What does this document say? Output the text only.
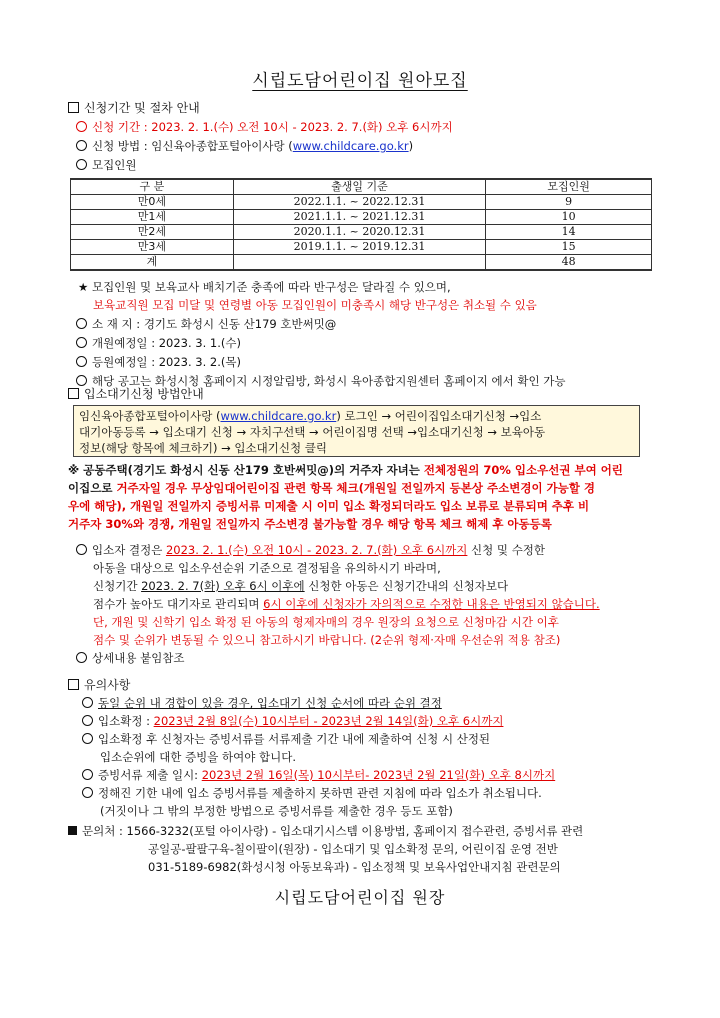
시립도담어린이집 원아모집
신청기간 및 절차 안내
신청 기간 : 2023. 2. 1.(수) 오전 10시 - 2023. 2. 7.(화) 오후 6시까지
신청 방법 : 임신육아종합포털아이사랑 (www.childcare.go.kr)
모집인원
구 분	출생일 기준	모집인원
만0세	2022.1.1. ~ 2022.12.31	9
만1세	2021.1.1. ~ 2021.12.31	10
만2세	2020.1.1. ~ 2020.12.31	14
만3세	2019.1.1. ~ 2019.12.31	15
계		48
★ 모집인원 및 보육교사 배치기준 충족에 따라 반구성은 달라질 수 있으며,
보육교직원 모집 미달 및 연령별 아동 모집인원이 미충족시 해당 반구성은 취소될 수 있음
소 재 지 : 경기도 화성시 신동 산179 호반써밋@
개원예정일 : 2023. 3. 1.(수)
등원예정일 : 2023. 3. 2.(목)
해당 공고는 화성시청 홈페이지 시정알림방, 화성시 육아종합지원센터 홈페이지 에서 확인 가능
입소대기신청 방법안내
임신육아종합포털아이사랑 (www.childcare.go.kr) 로그인 → 어린이집입소대기신청 →입소
대기아동등록 → 입소대기 신청 → 자치구선택 → 어린이집명 선택 →입소대기신청 → 보육아동
정보(해당 항목에 체크하기) → 입소대기신청 클릭
※ 공동주택(경기도 화성시 신동 산179 호반써밋@)의 거주자 자녀는 전체정원의 70% 입소우선권 부여 어린
이집으로 거주자일 경우 무상임대어린이집 관련 항목 체크(개원일 전일까지 등본상 주소변경이 가능할 경
우에 해당), 개원일 전일까지 증빙서류 미제출 시 이미 입소 확정되더라도 입소 보류로 분류되며 추후 비
거주자 30%와 경쟁, 개원일 전일까지 주소변경 불가능할 경우 해당 항목 체크 해제 후 아동등록
입소자 결정은 2023. 2. 1.(수) 오전 10시 - 2023. 2. 7.(화) 오후 6시까지 신청 및 수정한
아동을 대상으로 입소우선순위 기준으로 결정됨을 유의하시기 바라며,
신청기간 2023. 2. 7(화) 오후 6시 이후에 신청한 아동은 신청기간내의 신청자보다
점수가 높아도 대기자로 관리되며 6시 이후에 신청자가 자의적으로 수정한 내용은 반영되지 않습니다.
단, 개원 및 신학기 입소 확정 된 아동의 형제자매의 경우 원장의 요청으로 신청마감 시간 이후
점수 및 순위가 변동될 수 있으니 참고하시기 바랍니다. (2순위 형제·자매 우선순위 적용 참조)
상세내용 붙임참조
유의사항
동일 순위 내 경합이 있을 경우, 입소대기 신청 순서에 따라 순위 결정
입소확정 : 2023년 2월 8일(수) 10시부터 - 2023년 2월 14일(화) 오후 6시까지
입소확정 후 신청자는 증빙서류를 서류제출 기간 내에 제출하여 신청 시 산정된
입소순위에 대한 증빙을 하여야 합니다.
증빙서류 제출 일시: 2023년 2월 16일(목) 10시부터- 2023년 2월 21일(화) 오후 8시까지
정해진 기한 내에 입소 증빙서류를 제출하지 못하면 관련 지침에 따라 입소가 취소됩니다.
(거짓이나 그 밖의 부정한 방법으로 증빙서류를 제출한 경우 등도 포함)
문의처 : 1566-3232(포털 아이사랑) - 입소대기시스템 이용방법, 홈페이지 접수관련, 증빙서류 관련
공일공-팔팔구육-칠이팔이(원장) - 입소대기 및 입소확정 문의, 어린이집 운영 전반
031-5189-6982(화성시청 아동보육과) - 입소정책 및 보육사업안내지침 관련문의
시립도담어린이집 원장
